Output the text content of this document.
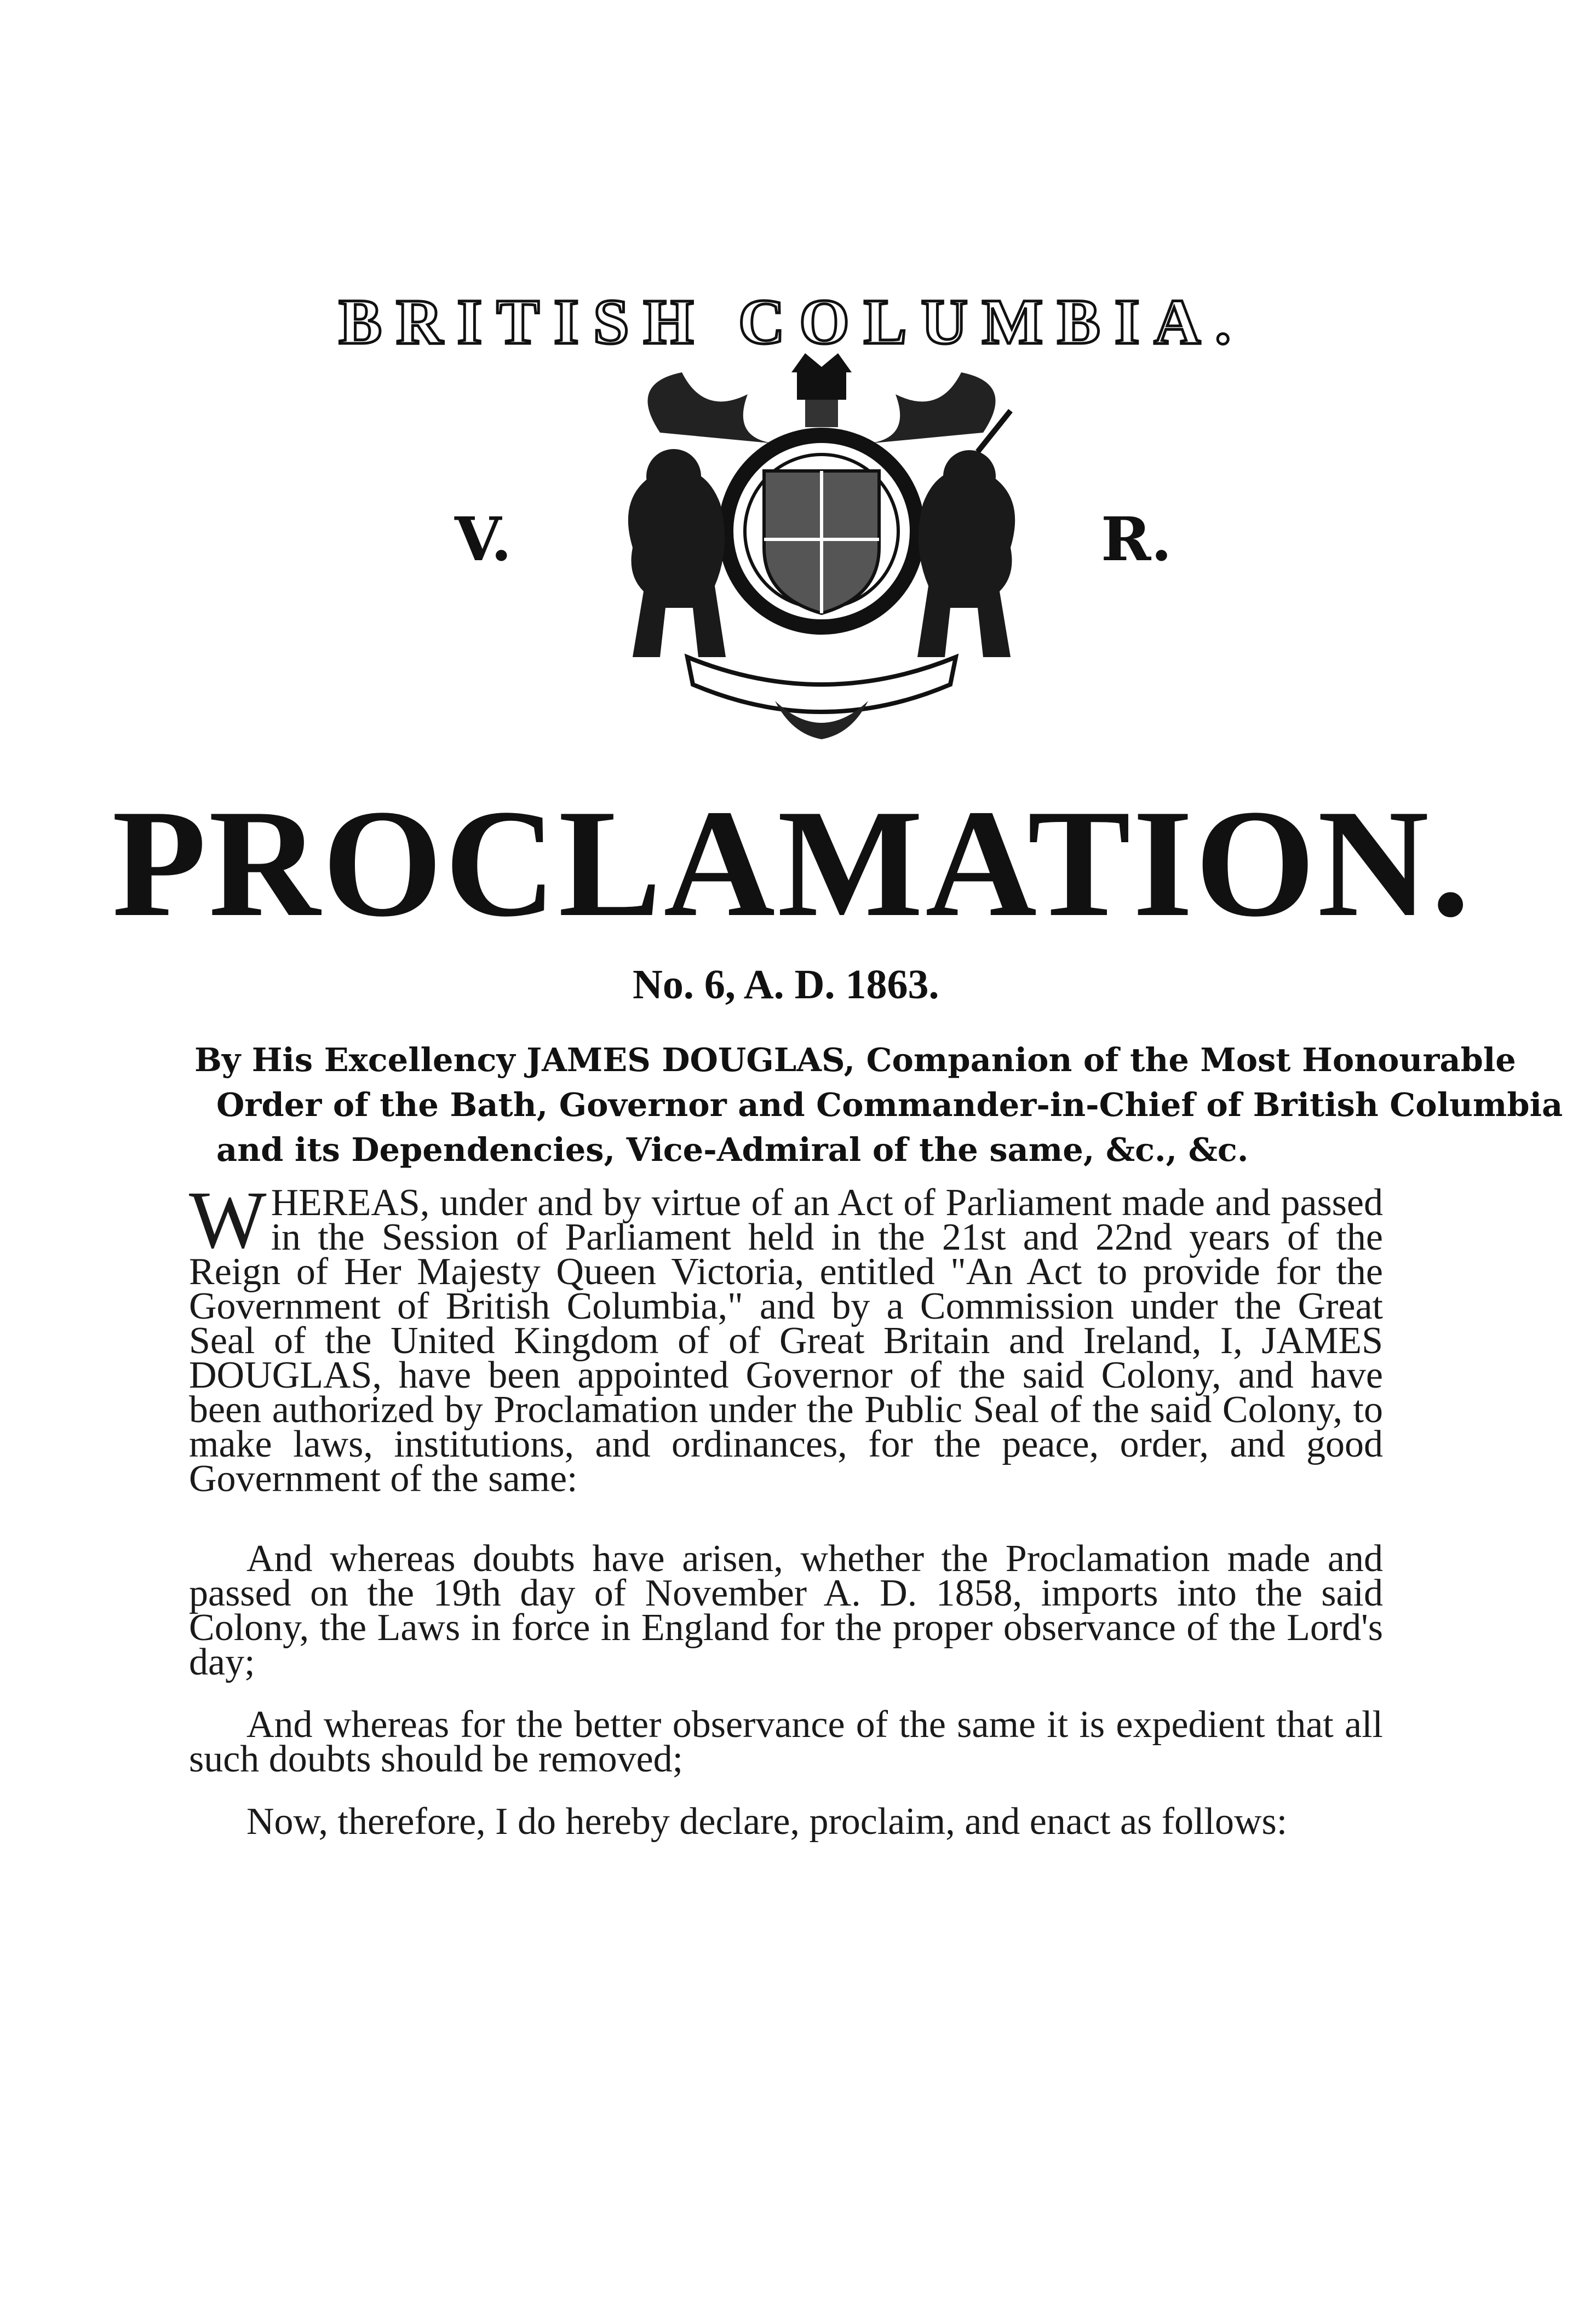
BRITISH COLUMBIA.
V.	R.
PROCLAMATION.
No. 6, A. D. 1863.
By His Excellency JAMES DOUGLAS, Companion of the Most Honourable
Order of the Bath, Governor and Commander-in-Chief of British Columbia
and its Dependencies, Vice-Admiral of the same, &c., &c.
W HEREAS, under and by virtue of an Act of Parliament made and passed in the Session of Parliament held in the 21st and 22nd years of the Reign of Her Majesty Queen Victoria, entitled "An Act to provide for the Government of British Columbia," and by a Commission under the Great Seal of the United Kingdom of of Great Britain and Ireland, I, JAMES DOUGLAS, have been appointed Governor of the said Colony, and have been authorized by Proclamation under the Public Seal of the said Colony, to make laws, institutions, and ordinances, for the peace, order, and good Government of the same:
And whereas doubts have arisen, whether the Proclamation made and passed on the 19th day of November A. D. 1858, imports into the said Colony, the Laws in force in England for the proper observance of the Lord's day;
And whereas for the better observance of the same it is expedient that all such doubts should be removed;
Now, therefore, I do hereby declare, proclaim, and enact as follows:
